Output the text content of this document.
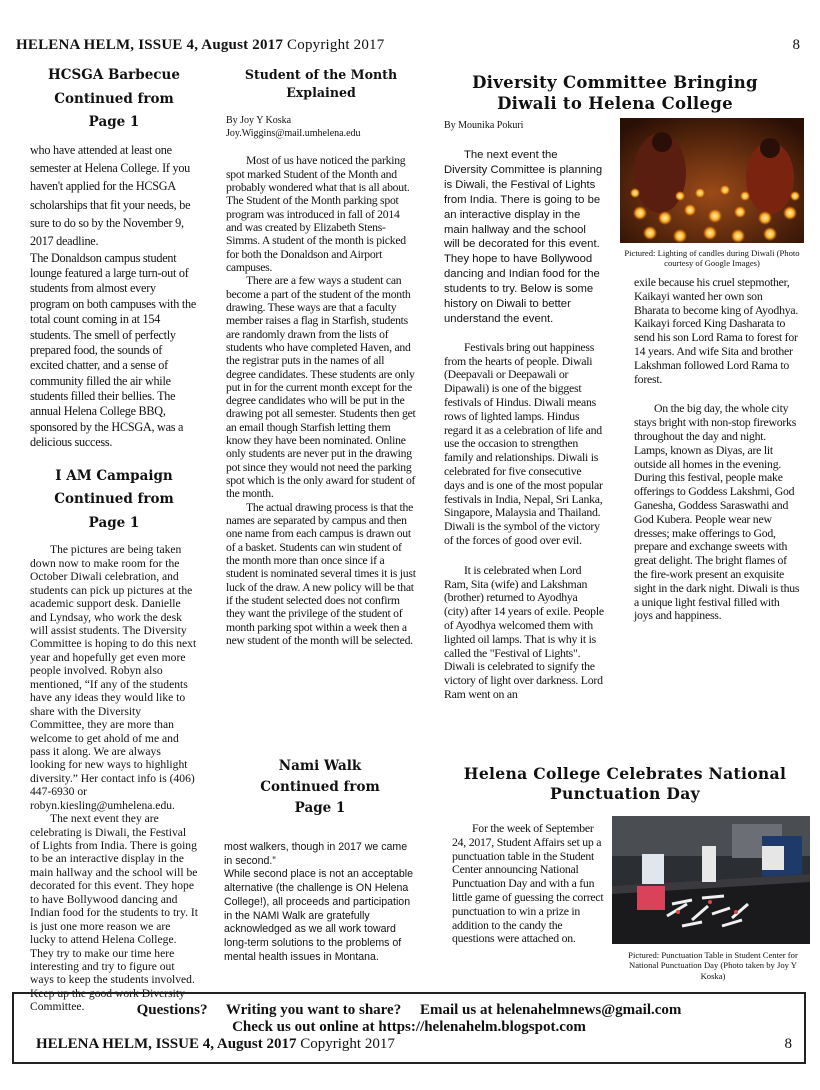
HELENA HELM, ISSUE 4, August 2017 Copyright 2017	8
HCSGA Barbecue
Continued from
Page 1

who have attended at least one semester at Helena College. If you haven't applied for the HCSGA scholarships that fit your needs, be sure to do so by the November 9, 2017 deadline.

The Donaldson campus student lounge featured a large turn-out of students from almost every program on both campuses with the total count coming in at 154 students. The smell of perfectly prepared food, the sounds of excited chatter, and a sense of community filled the air while students filled their bellies. The annual Helena College BBQ, sponsored by the HCSGA, was a delicious success.

I AM Campaign
Continued from
Page 1

The pictures are being taken down now to make room for the October Diwali celebration, and students can pick up pictures at the academic support desk. Danielle and Lyndsay, who work the desk will assist students. The Diversity Committee is hoping to do this next year and hopefully get even more people involved. Robyn also mentioned, “If any of the students have any ideas they would like to share with the Diversity Committee, they are more than welcome to get ahold of me and pass it along. We are always looking for new ways to highlight diversity.” Her contact info is (406) 447-6930 or robyn.kiesling@umhelena.edu.

The next event they are celebrating is Diwali, the Festival of Lights from India. There is going to be an interactive display in the main hallway and the school will be decorated for this event. They hope to have Bollywood dancing and Indian food for the students to try. It is just one more reason we are lucky to attend Helena College. They try to make our time here interesting and try to figure out ways to keep the students involved. Keep up the good work Diversity Committee.

Student of the Month
Explained
By Joy Y Koska
Joy.Wiggins@mail.umhelena.edu

Most of us have noticed the parking spot marked Student of the Month and probably wondered what that is all about. The Student of the Month parking spot program was introduced in fall of 2014 and was created by Elizabeth Stens-Simms. A student of the month is picked for both the Donaldson and Airport campuses.

There are a few ways a student can become a part of the student of the month drawing. These ways are that a faculty member raises a flag in Starfish, students are randomly drawn from the lists of students who have completed Haven, and the registrar puts in the names of all degree candidates. These students are only put in for the current month except for the degree candidates who will be put in the drawing pot all semester. Students then get an email though Starfish letting them know they have been nominated. Online only students are never put in the drawing pot since they would not need the parking spot which is the only award for student of the month.

The actual drawing process is that the names are separated by campus and then one name from each campus is drawn out of a basket. Students can win student of the month more than once since if a student is nominated several times it is just luck of the draw. A new policy will be that if the student selected does not confirm they want the privilege of the student of month parking spot within a week then a new student of the month will be selected.

Nami Walk
Continued from
Page 1

most walkers, though in 2017 we came in second.”

While second place is not an acceptable alternative (the challenge is ON Helena College!), all proceeds and participation in the NAMI Walk are gratefully acknowledged as we all work toward long-term solutions to the problems of mental health issues in Montana.

Diversity Committee Bringing
Diwali to Helena College
By Mounika Pokuri

The next event the Diversity Committee is planning is Diwali, the Festival of Lights from India. There is going to be an interactive display in the main hallway and the school will be decorated for this event. They hope to have Bollywood dancing and Indian food for the students to try. Below is some history on Diwali to better understand the event.

Festivals bring out happiness from the hearts of people. Diwali (Deepavali or Deepawali or Dipawali) is one of the biggest festivals of Hindus. Diwali means rows of lighted lamps. Hindus regard it as a celebration of life and use the occasion to strengthen family and relationships. Diwali is celebrated for five consecutive days and is one of the most popular festivals in India, Nepal, Sri Lanka, Singapore, Malaysia and Thailand. Diwali is the symbol of the victory of the forces of good over evil.

It is celebrated when Lord Ram, Sita (wife) and Lakshman (brother) returned to Ayodhya (city) after 14 years of exile. People of Ayodhya welcomed them with lighted oil lamps. That is why it is called the "Festival of Lights". Diwali is celebrated to signify the victory of light over darkness. Lord Ram went on an

Pictured: Lighting of candles during Diwali (Photo courtesy of Google Images)

exile because his cruel stepmother, Kaikayi wanted her own son Bharata to become king of Ayodhya. Kaikayi forced King Dasharata to send his son Lord Rama to forest for 14 years. And wife Sita and brother Lakshman followed Lord Rama to forest.

On the big day, the whole city stays bright with non-stop fireworks throughout the day and night. Lamps, known as Diyas, are lit outside all homes in the evening. During this festival, people make offerings to Goddess Lakshmi, God Ganesha, Goddess Saraswathi and God Kubera. People wear new dresses; make offerings to God, prepare and exchange sweets with great delight. The bright flames of the fire-work present an exquisite sight in the dark night. Diwali is thus a unique light festival filled with joys and happiness.

Helena College Celebrates National
Punctuation Day

For the week of September 24, 2017, Student Affairs set up a punctuation table in the Student Center announcing National Punctuation Day and with a fun little game of guessing the correct punctuation to win a prize in addition to the candy the questions were attached on.

Pictured: Punctuation Table in Student Center for National Punctuation Day (Photo taken by Joy Y Koska)
Questions?     Writing you want to share?     Email us at helenahelmnews@gmail.com
Check us out online at https://helenahelm.blogspot.com
HELENA HELM, ISSUE 4, August 2017 Copyright 2017	8
